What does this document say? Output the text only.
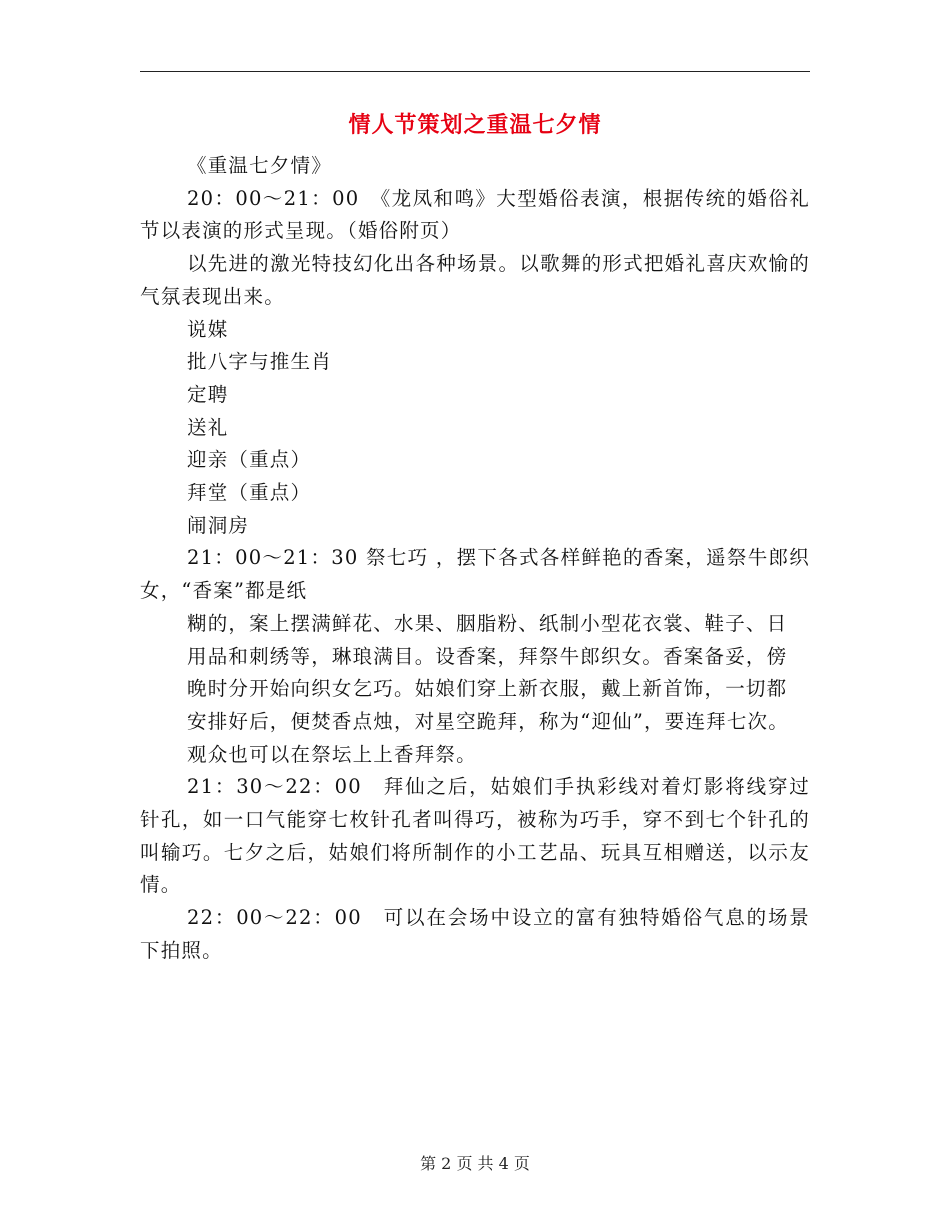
情人节策划之重温七夕情

《重温七夕情》

20：00～21：00　《龙凤和鸣》大型婚俗表演，根据传统的婚俗礼节以表演的形式呈现。（婚俗附页）

以先进的激光特技幻化出各种场景。以歌舞的形式把婚礼喜庆欢愉的气氛表现出来。

说媒

批八字与推生肖

定聘

送礼

迎亲（重点）

拜堂（重点）

闹洞房

21：00～21：30 祭七巧 ，摆下各式各样鲜艳的香案，遥祭牛郎织女，“香案”都是纸

糊的，案上摆满鲜花、水果、胭脂粉、纸制小型花衣裳、鞋子、日

用品和刺绣等，琳琅满目。设香案，拜祭牛郎织女。香案备妥，傍

晚时分开始向织女乞巧。姑娘们穿上新衣服，戴上新首饰，一切都

安排好后，便焚香点烛，对星空跪拜，称为“迎仙”，要连拜七次。

观众也可以在祭坛上上香拜祭。

21：30～22：00　拜仙之后，姑娘们手执彩线对着灯影将线穿过针孔，如一口气能穿七枚针孔者叫得巧，被称为巧手，穿不到七个针孔的叫输巧。七夕之后，姑娘们将所制作的小工艺品、玩具互相赠送，以示友情。

22：00～22：00　可以在会场中设立的富有独特婚俗气息的场景下拍照。

第 2 页 共 4 页
